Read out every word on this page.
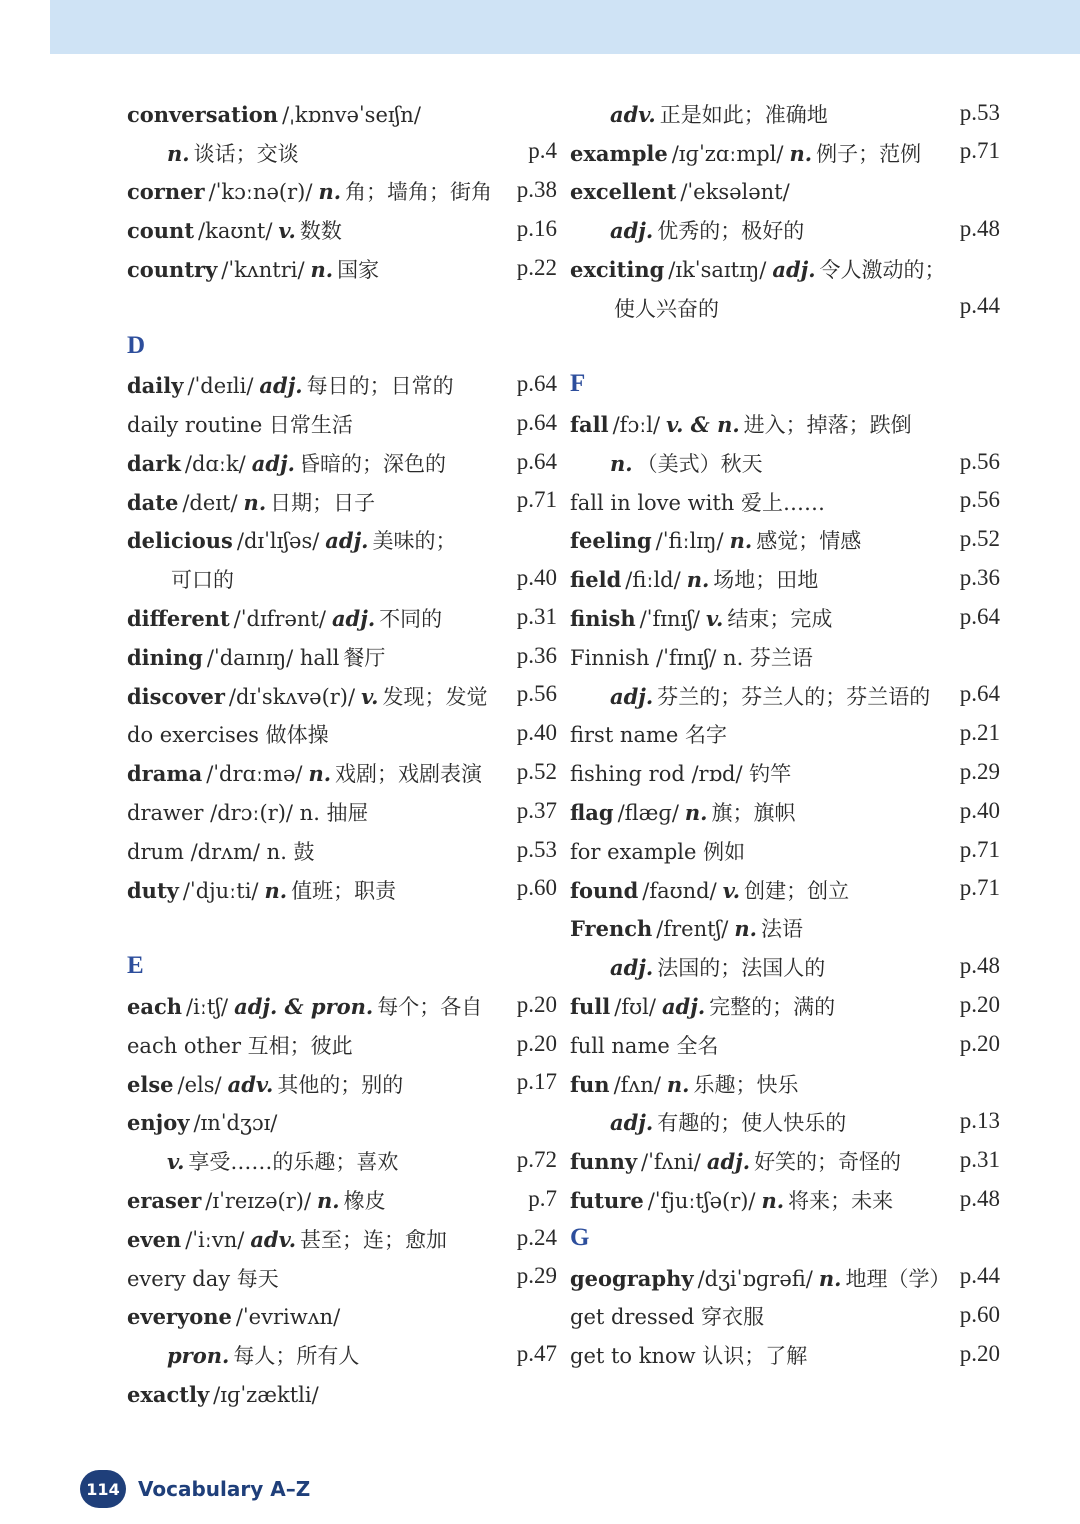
conversation /ˌkɒnvəˈseɪʃn/
n. 谈话；交谈	p.4
corner /ˈkɔːnə(r)/ n. 角；墙角；街角	p.38
count /kaʊnt/ v. 数数	p.16
country /ˈkʌntri/ n. 国家	p.22
D
daily /ˈdeɪli/ adj. 每日的；日常的	p.64
daily routine 日常生活	p.64
dark /dɑːk/ adj. 昏暗的；深色的	p.64
date /deɪt/ n. 日期；日子	p.71
delicious /dɪˈlɪʃəs/ adj. 美味的；
可口的	p.40
different /ˈdɪfrənt/ adj. 不同的	p.31
dining /ˈdaɪnɪŋ/ hall 餐厅	p.36
discover /dɪˈskʌvə(r)/ v. 发现；发觉	p.56
do exercises 做体操	p.40
drama /ˈdrɑːmə/ n. 戏剧；戏剧表演	p.52
drawer /drɔː(r)/ n. 抽屉	p.37
drum /drʌm/ n. 鼓	p.53
duty /ˈdjuːti/ n. 值班；职责	p.60
E
each /iːtʃ/ adj. & pron. 每个；各自	p.20
each other 互相；彼此	p.20
else /els/ adv. 其他的；别的	p.17
enjoy /ɪnˈdʒɔɪ/
v. 享受……的乐趣；喜欢	p.72
eraser /ɪˈreɪzə(r)/ n. 橡皮	p.7
even /ˈiːvn/ adv. 甚至；连；愈加	p.24
every day 每天	p.29
everyone /ˈevriwʌn/
pron. 每人；所有人	p.47
exactly /ɪɡˈzæktli/
adv. 正是如此；准确地	p.53
example /ɪɡˈzɑːmpl/ n. 例子；范例	p.71
excellent /ˈeksələnt/
adj. 优秀的；极好的	p.48
exciting /ɪkˈsaɪtɪŋ/ adj. 令人激动的；
使人兴奋的	p.44
F
fall /fɔːl/ v. & n. 进入；掉落；跌倒
n. （美式）秋天	p.56
fall in love with 爱上……	p.56
feeling /ˈfiːlɪŋ/ n. 感觉；情感	p.52
field /fiːld/ n. 场地；田地	p.36
finish /ˈfɪnɪʃ/ v. 结束；完成	p.64
Finnish /ˈfɪnɪʃ/ n. 芬兰语
adj. 芬兰的；芬兰人的；芬兰语的	p.64
first name 名字	p.21
fishing rod /rɒd/ 钓竿	p.29
flag /flæɡ/ n. 旗；旗帜	p.40
for example 例如	p.71
found /faʊnd/ v. 创建；创立	p.71
French /frentʃ/ n. 法语
adj. 法国的；法国人的	p.48
full /fʊl/ adj. 完整的；满的	p.20
full name 全名	p.20
fun /fʌn/ n. 乐趣；快乐
adj. 有趣的；使人快乐的	p.13
funny /ˈfʌni/ adj. 好笑的；奇怪的	p.31
future /ˈfjuːtʃə(r)/ n. 将来；未来	p.48
G
geography /dʒiˈɒɡrəfi/ n. 地理（学） p.44
get dressed 穿衣服	p.60
get to know 认识；了解	p.20
114 Vocabulary A–Z
